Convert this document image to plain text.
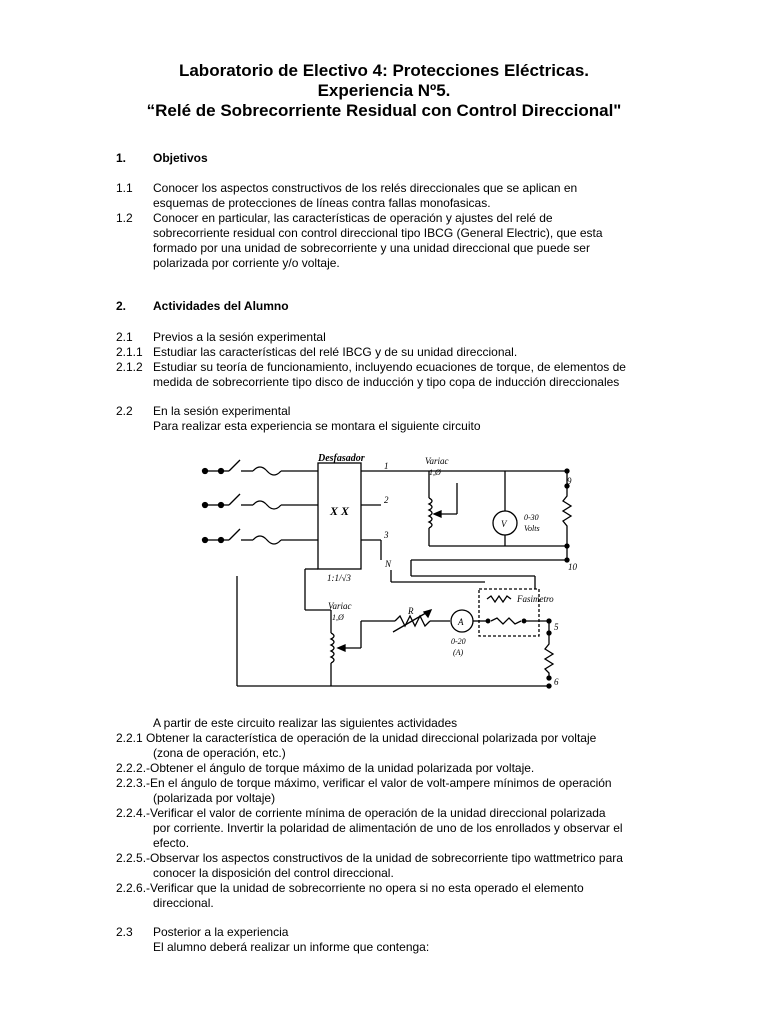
Laboratorio de Electivo 4: Protecciones Eléctricas.
Experiencia Nº5.
“Relé de Sobrecorriente Residual con Control Direccional"
1. Objetivos
1.1 Conocer los aspectos constructivos de los relés direccionales que se aplican en
esquemas de protecciones de líneas contra fallas monofasicas.
1.2 Conocer en particular, las características de operación y ajustes del relé de
sobrecorriente residual con control direccional tipo IBCG (General Electric), que esta
formado por una unidad de sobrecorriente y una unidad direccional que puede ser
polarizada por corriente y/o voltaje.
2. Actividades del Alumno
2.1 Previos a la sesión experimental
2.1.1 Estudiar las características del relé IBCG y de su unidad direccional.
2.1.2 Estudiar su teoría de funcionamiento, incluyendo ecuaciones de torque, de elementos de
medida de sobrecorriente tipo disco de inducción y tipo copa de inducción direccionales
2.2 En la sesión experimental
Para realizar esta experiencia se montara el siguiente circuito
Desfasador
X X
1:1/√3
1
2
3
N
Variac
1,Ø
V
0-30
Volts
9
10
Fasimetro
Variac
1,Ø
R
A
0-20
(A)
5
6
A partir de este circuito realizar las siguientes actividades
2.2.1 Obtener la característica de operación de la unidad direccional polarizada por voltaje
(zona de operación, etc.)
2.2.2.-Obtener el ángulo de torque máximo de la unidad polarizada por voltaje.
2.2.3.-En el ángulo de torque máximo, verificar el valor de volt-ampere mínimos de operación
(polarizada por voltaje)
2.2.4.-Verificar el valor de corriente mínima de operación de la unidad direccional polarizada
por corriente. Invertir la polaridad de alimentación de uno de los enrollados y observar el
efecto.
2.2.5.-Observar los aspectos constructivos de la unidad de sobrecorriente tipo wattmetrico para
conocer la disposición del control direccional.
2.2.6.-Verificar que la unidad de sobrecorriente no opera si no esta operado el elemento
direccional.
2.3 Posterior a la experiencia
El alumno deberá realizar un informe que contenga:
